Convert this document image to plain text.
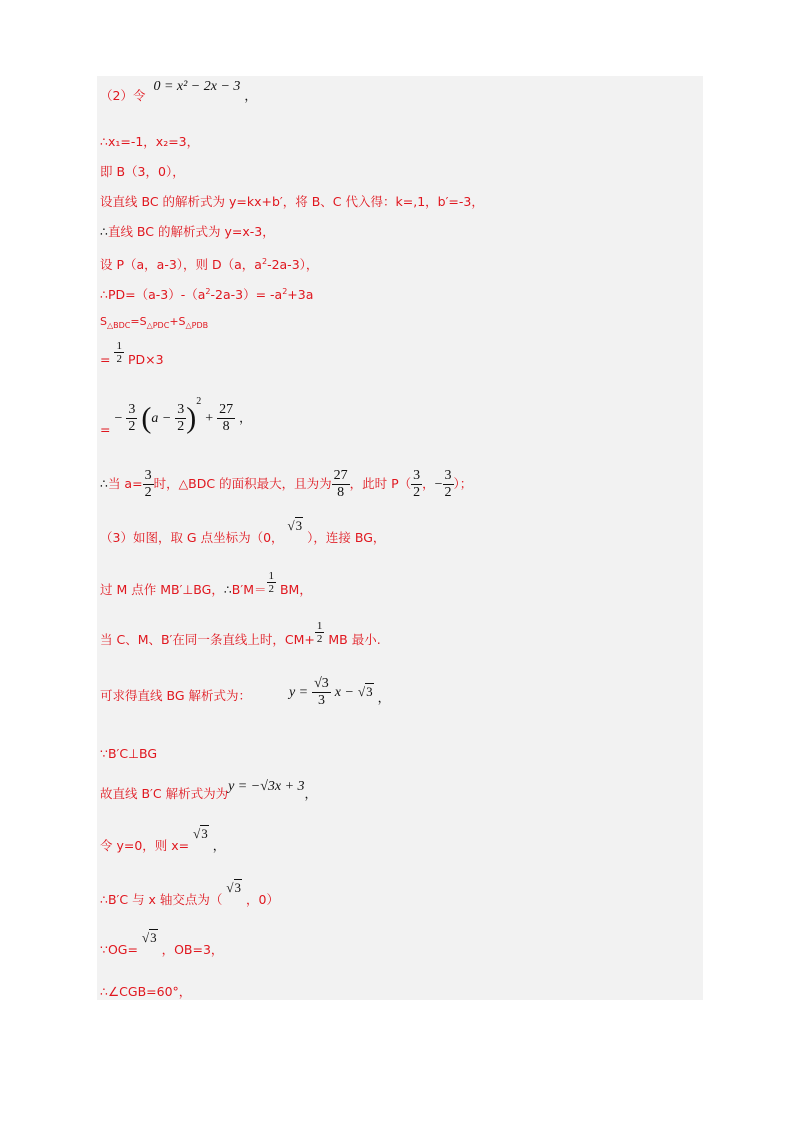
（2）令 0 = x² − 2x − 3 ，
∴x₁=-1，x₂=3，
即 B（3，0），
设直线 BC 的解析式为 y=kx+b′，将 B、C 代入得：k=,1，b′=-3，
∴直线 BC 的解析式为 y=x-3，
设 P（a，a-3），则 D（a，$a^2-2a-3$），
$\therefore PD=(a-3)-(a^2-2a-3)= -a^2+3a$
$S_{\triangle BDC}=S_{\triangle PDC}+S_{\triangle PDB}$
= $\frac{1}{2} PD\times 3$
= − $\frac{3}{2} (a - \frac{3}{2} )^2 + \frac{27}{8}$ ，
∴当 $a= \frac{3}{2}$ 时，△BDC 的面积最大，且为为 $\frac{27}{8}$ ，此时 $P( \frac{3}{2}$ ，− $\frac{3}{2}$ ）；
（3）如图，取 G 点坐标为（0， √3 ），连接 BG，
过 M 点作 MB′⊥BG，∴B′M＝ $\frac{1}{2}$ BM，
当 C、M、B′在同一条直线上时，$CM+ \frac{1}{2}$ MB 最小.
可求得直线 BG 解析式为：	$y = \frac{√3}{3}$ x − √3 ，
∵B′C⊥BG
故直线 B′C 解析式为为y = −√3x + 3，
令 y=0，则 x= √3 ，
∴B′C 与 x 轴交点为（ √3 ，0）
∵OG= √3 ，OB=3，
∴∠CGB=60°，
